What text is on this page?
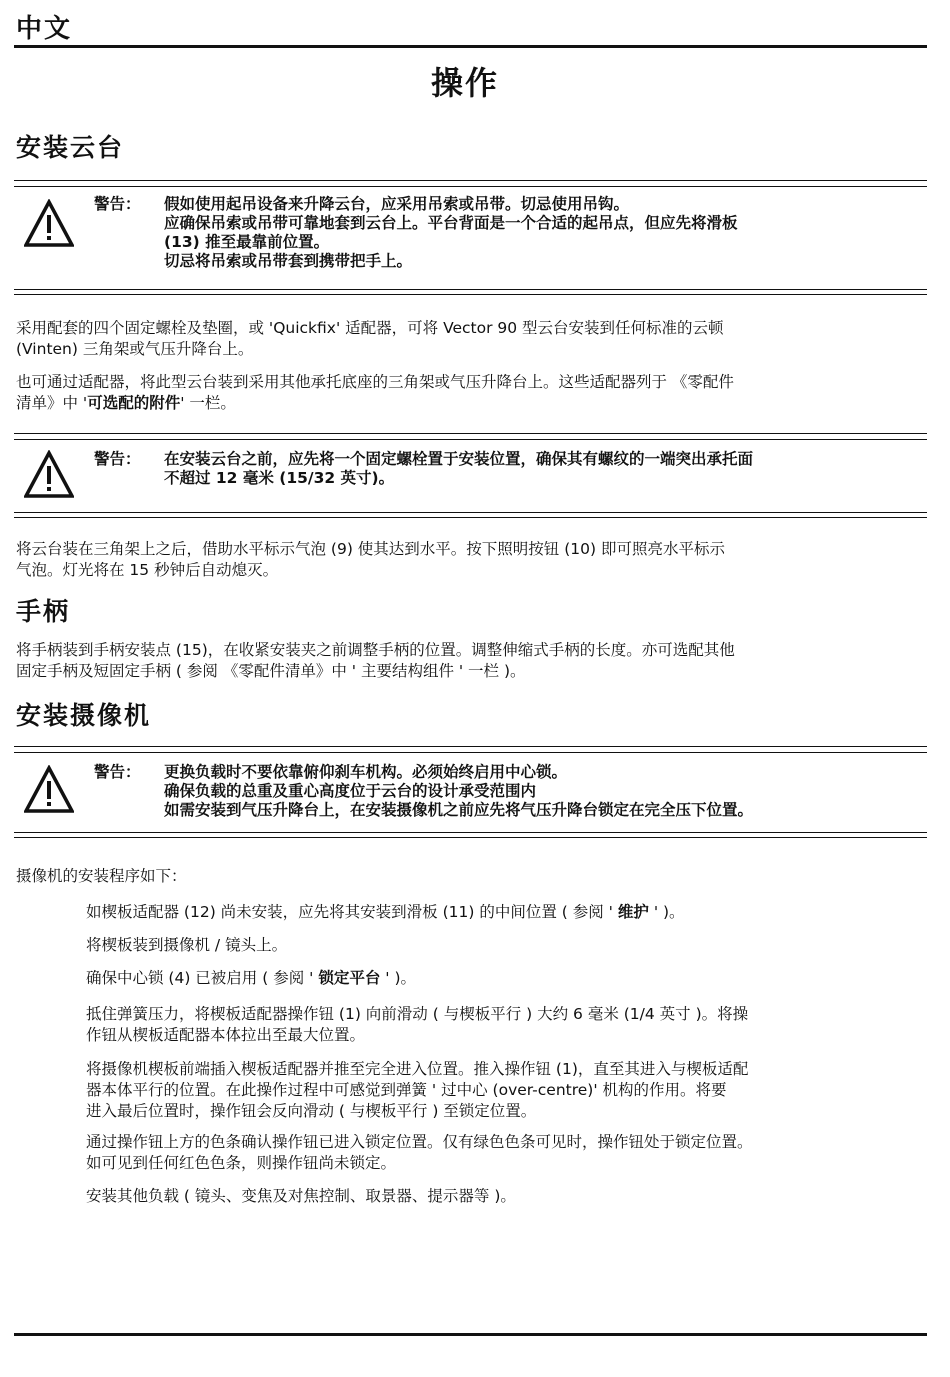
中文
操作
安装云台
警告： 假如使用起吊设备来升降云台，应采用吊索或吊带。切忌使用吊钩。
应确保吊索或吊带可靠地套到云台上。平台背面是一个合适的起吊点，但应先将滑板
(13) 推至最靠前位置。
切忌将吊索或吊带套到携带把手上。
采用配套的四个固定螺栓及垫圈，或 'Quickfix' 适配器，可将 Vector 90 型云台安装到任何标准的云顿
(Vinten) 三角架或气压升降台上。
也可通过适配器，将此型云台装到采用其他承托底座的三角架或气压升降台上。这些适配器列于 《零配件
清单》中 '可选配的附件' 一栏。
警告： 在安装云台之前，应先将一个固定螺栓置于安装位置，确保其有螺纹的一端突出承托面
不超过 12 毫米 (15/32 英寸)。
将云台装在三角架上之后，借助水平标示气泡 (9) 使其达到水平。按下照明按钮 (10) 即可照亮水平标示
气泡。灯光将在 15 秒钟后自动熄灭。
手柄
将手柄装到手柄安装点 (15)，在收紧安装夹之前调整手柄的位置。调整伸缩式手柄的长度。亦可选配其他
固定手柄及短固定手柄 ( 参阅 《零配件清单》中 ' 主要结构组件 ' 一栏 )。
安装摄像机
警告： 更换负载时不要依靠俯仰刹车机构。必须始终启用中心锁。
确保负载的总重及重心高度位于云台的设计承受范围内
如需安装到气压升降台上，在安装摄像机之前应先将气压升降台锁定在完全压下位置。
摄像机的安装程序如下：
如楔板适配器 (12) 尚未安装，应先将其安装到滑板 (11) 的中间位置 ( 参阅 ' 维护 ' )。
将楔板装到摄像机 / 镜头上。
确保中心锁 (4) 已被启用 ( 参阅 ' 锁定平台 ' )。
抵住弹簧压力，将楔板适配器操作钮 (1) 向前滑动 ( 与楔板平行 ) 大约 6 毫米 (1/4 英寸 )。将操
作钮从楔板适配器本体拉出至最大位置。
将摄像机楔板前端插入楔板适配器并推至完全进入位置。推入操作钮 (1)，直至其进入与楔板适配
器本体平行的位置。在此操作过程中可感觉到弹簧 ' 过中心 (over-centre)' 机构的作用。将要
进入最后位置时，操作钮会反向滑动 ( 与楔板平行 ) 至锁定位置。
通过操作钮上方的色条确认操作钮已进入锁定位置。仅有绿色色条可见时，操作钮处于锁定位置。
如可见到任何红色色条，则操作钮尚未锁定。
安装其他负载 ( 镜头、变焦及对焦控制、取景器、提示器等 )。
